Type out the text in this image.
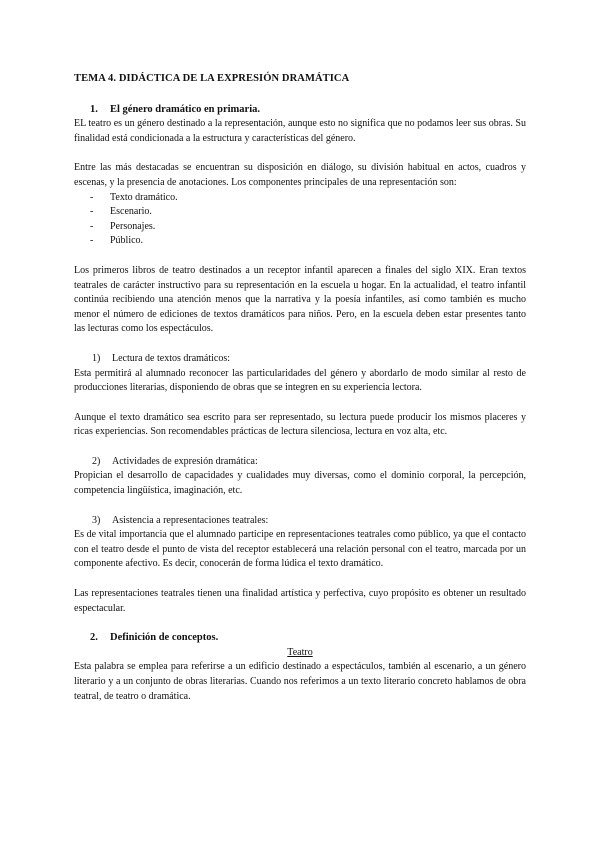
TEMA 4. DIDÁCTICA DE LA EXPRESIÓN DRAMÁTICA
1. El género dramático en primaria.

EL teatro es un género destinado a la representación, aunque esto no significa que no podamos leer sus obras. Su finalidad está condicionada a la estructura y características del género.

Entre las más destacadas se encuentran su disposición en diálogo, su división habitual en actos, cuadros y escenas, y la presencia de anotaciones. Los componentes principales de una representación son:

- Texto dramático.
- Escenario.
- Personajes.
- Público.

Los primeros libros de teatro destinados a un receptor infantil aparecen a finales del siglo XIX. Eran textos teatrales de carácter instructivo para su representación en la escuela u hogar. En la actualidad, el teatro infantil continúa recibiendo una atención menos que la narrativa y la poesía infantiles, así como también es mucho menor el número de ediciones de textos dramáticos para niños. Pero, en la escuela deben estar presentes tanto las lecturas como los espectáculos.

1) Lectura de textos dramáticos:

Esta permitirá al alumnado reconocer las particularidades del género y abordarlo de modo similar al resto de producciones literarias, disponiendo de obras que se integren en su experiencia lectora.

Aunque el texto dramático sea escrito para ser representado, su lectura puede producir los mismos placeres y ricas experiencias. Son recomendables prácticas de lectura silenciosa, lectura en voz alta, etc.

2) Actividades de expresión dramática:

Propician el desarrollo de capacidades y cualidades muy diversas, como el dominio corporal, la percepción, competencia lingüística, imaginación, etc.

3) Asistencia a representaciones teatrales:

Es de vital importancia que el alumnado participe en representaciones teatrales como público, ya que el contacto con el teatro desde el punto de vista del receptor establecerá una relación personal con el teatro, marcada por un componente afectivo. Es decir, conocerán de forma lúdica el texto dramático.

Las representaciones teatrales tienen una finalidad artística y perfectiva, cuyo propósito es obtener un resultado espectacular.

2. Definición de conceptos.

Teatro

Esta palabra se emplea para referirse a un edificio destinado a espectáculos, también al escenario, a un género literario y a un conjunto de obras literarias. Cuando nos referimos a un texto literario concreto hablamos de obra teatral, de teatro o dramática.
